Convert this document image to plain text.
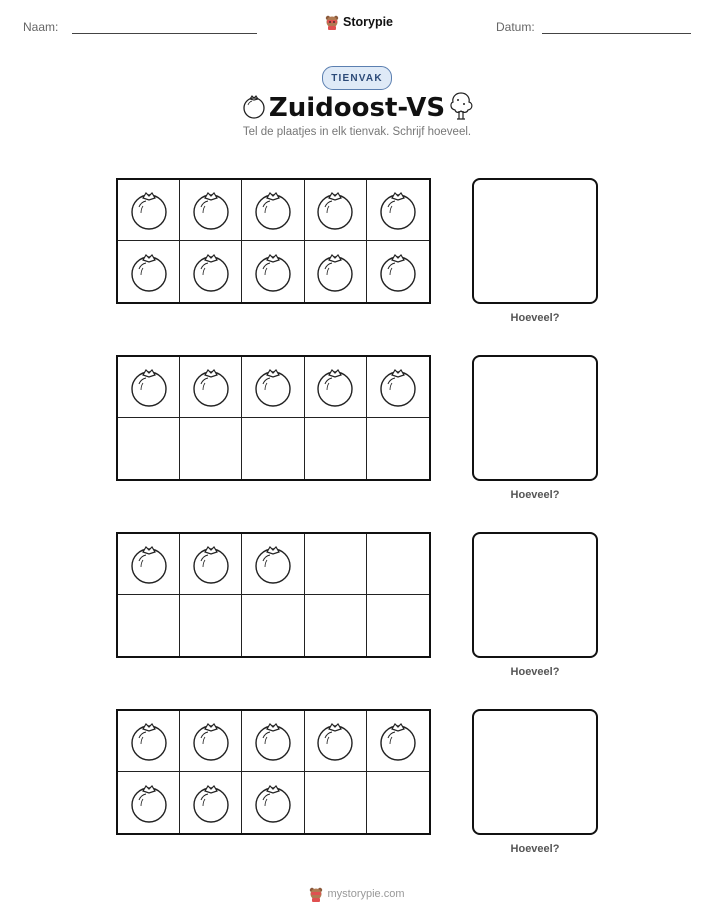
Naam:	Storypie	Datum:
TIENVAK
Zuidoost-VS
Tel de plaatjes in elk tienvak. Schrijf hoeveel.
Hoeveel?
Hoeveel?
Hoeveel?
Hoeveel?
mystorypie.com
